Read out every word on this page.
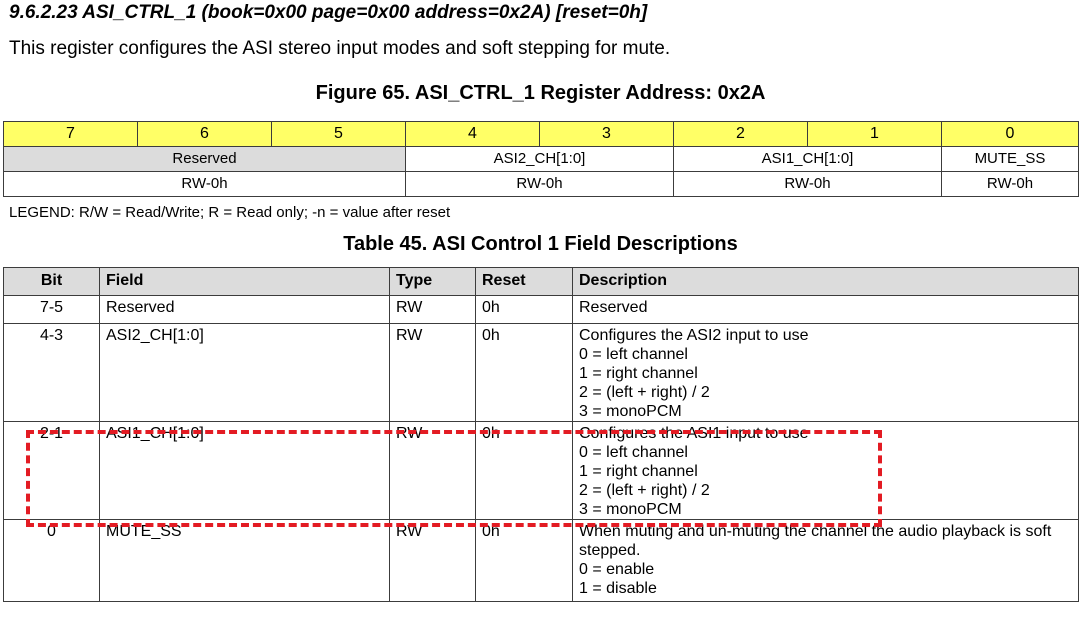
9.6.2.23 ASI_CTRL_1 (book=0x00 page=0x00 address=0x2A) [reset=0h]
This register configures the ASI stereo input modes and soft stepping for mute.
Figure 65. ASI_CTRL_1 Register Address: 0x2A
7	6	5	4	3	2	1	0
Reserved			ASI2_CH[1:0]		ASI1_CH[1:0]		MUTE_SS
RW-0h			RW-0h		RW-0h		RW-0h
LEGEND: R/W = Read/Write; R = Read only; -n = value after reset
Table 45. ASI Control 1 Field Descriptions
Bit	Field	Type	Reset	Description
7-5	Reserved	RW	0h	Reserved

4-3	ASI2_CH[1:0]	RW	0h	Configures the ASI2 input to use
0 = left channel
1 = right channel
2 = (left + right) / 2
3 = monoPCM

2-1	ASI1_CH[1:0]	RW	0h	Configures the ASI1 input to use
0 = left channel
1 = right channel
2 = (left + right) / 2
3 = monoPCM

0	MUTE_SS	RW	0h	When muting and un-muting the channel the audio playback is soft stepped.
0 = enable
1 = disable
